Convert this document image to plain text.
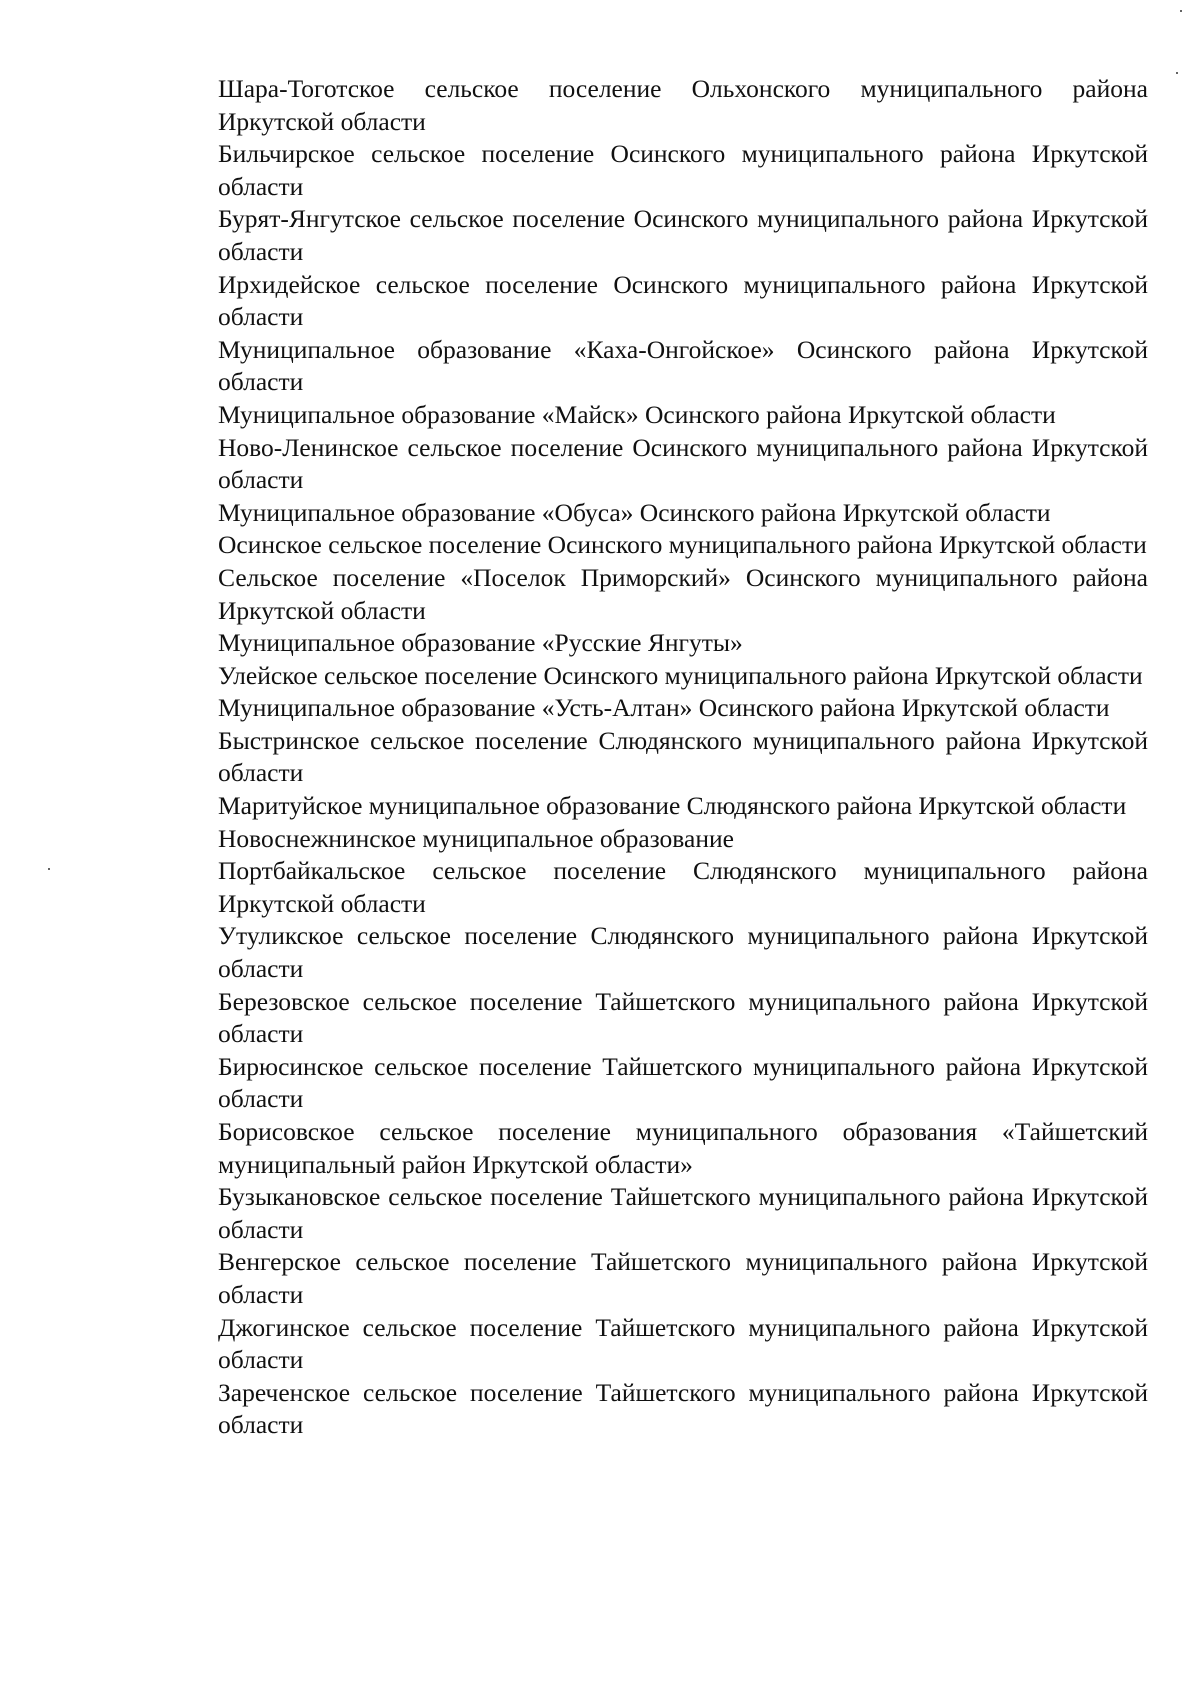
Шара-Тоготское сельское поселение Ольхонского муниципального района Иркутской области

Бильчирское сельское поселение Осинского муниципального района Иркутской области

Бурят-Янгутское сельское поселение Осинского муниципального района Иркутской области

Ирхидейское сельское поселение Осинского муниципального района Иркутской области

Муниципальное образование «Каха-Онгойское» Осинского района Иркутской области

Муниципальное образование «Майск» Осинского района Иркутской области

Ново-Ленинское сельское поселение Осинского муниципального района Иркутской области

Муниципальное образование «Обуса» Осинского района Иркутской области

Осинское сельское поселение Осинского муниципального района Иркутской области

Сельское поселение «Поселок Приморский» Осинского муниципального района Иркутской области

Муниципальное образование «Русские Янгуты»

Улейское сельское поселение Осинского муниципального района Иркутской области

Муниципальное образование «Усть-Алтан» Осинского района Иркутской области

Быстринское сельское поселение Слюдянского муниципального района Иркутской области

Маритуйское муниципальное образование Слюдянского района Иркутской области

Новоснежнинское муниципальное образование

Портбайкальское сельское поселение Слюдянского муниципального района Иркутской области

Утуликское сельское поселение Слюдянского муниципального района Иркутской области

Березовское сельское поселение Тайшетского муниципального района Иркутской области

Бирюсинское сельское поселение Тайшетского муниципального района Иркутской области

Борисовское сельское поселение муниципального образования «Тайшетский муниципальный район Иркутской области»

Бузыкановское сельское поселение Тайшетского муниципального района Иркутской области

Венгерское сельское поселение Тайшетского муниципального района Иркутской области

Джогинское сельское поселение Тайшетского муниципального района Иркутской области

Зареченское сельское поселение Тайшетского муниципального района Иркутской области
